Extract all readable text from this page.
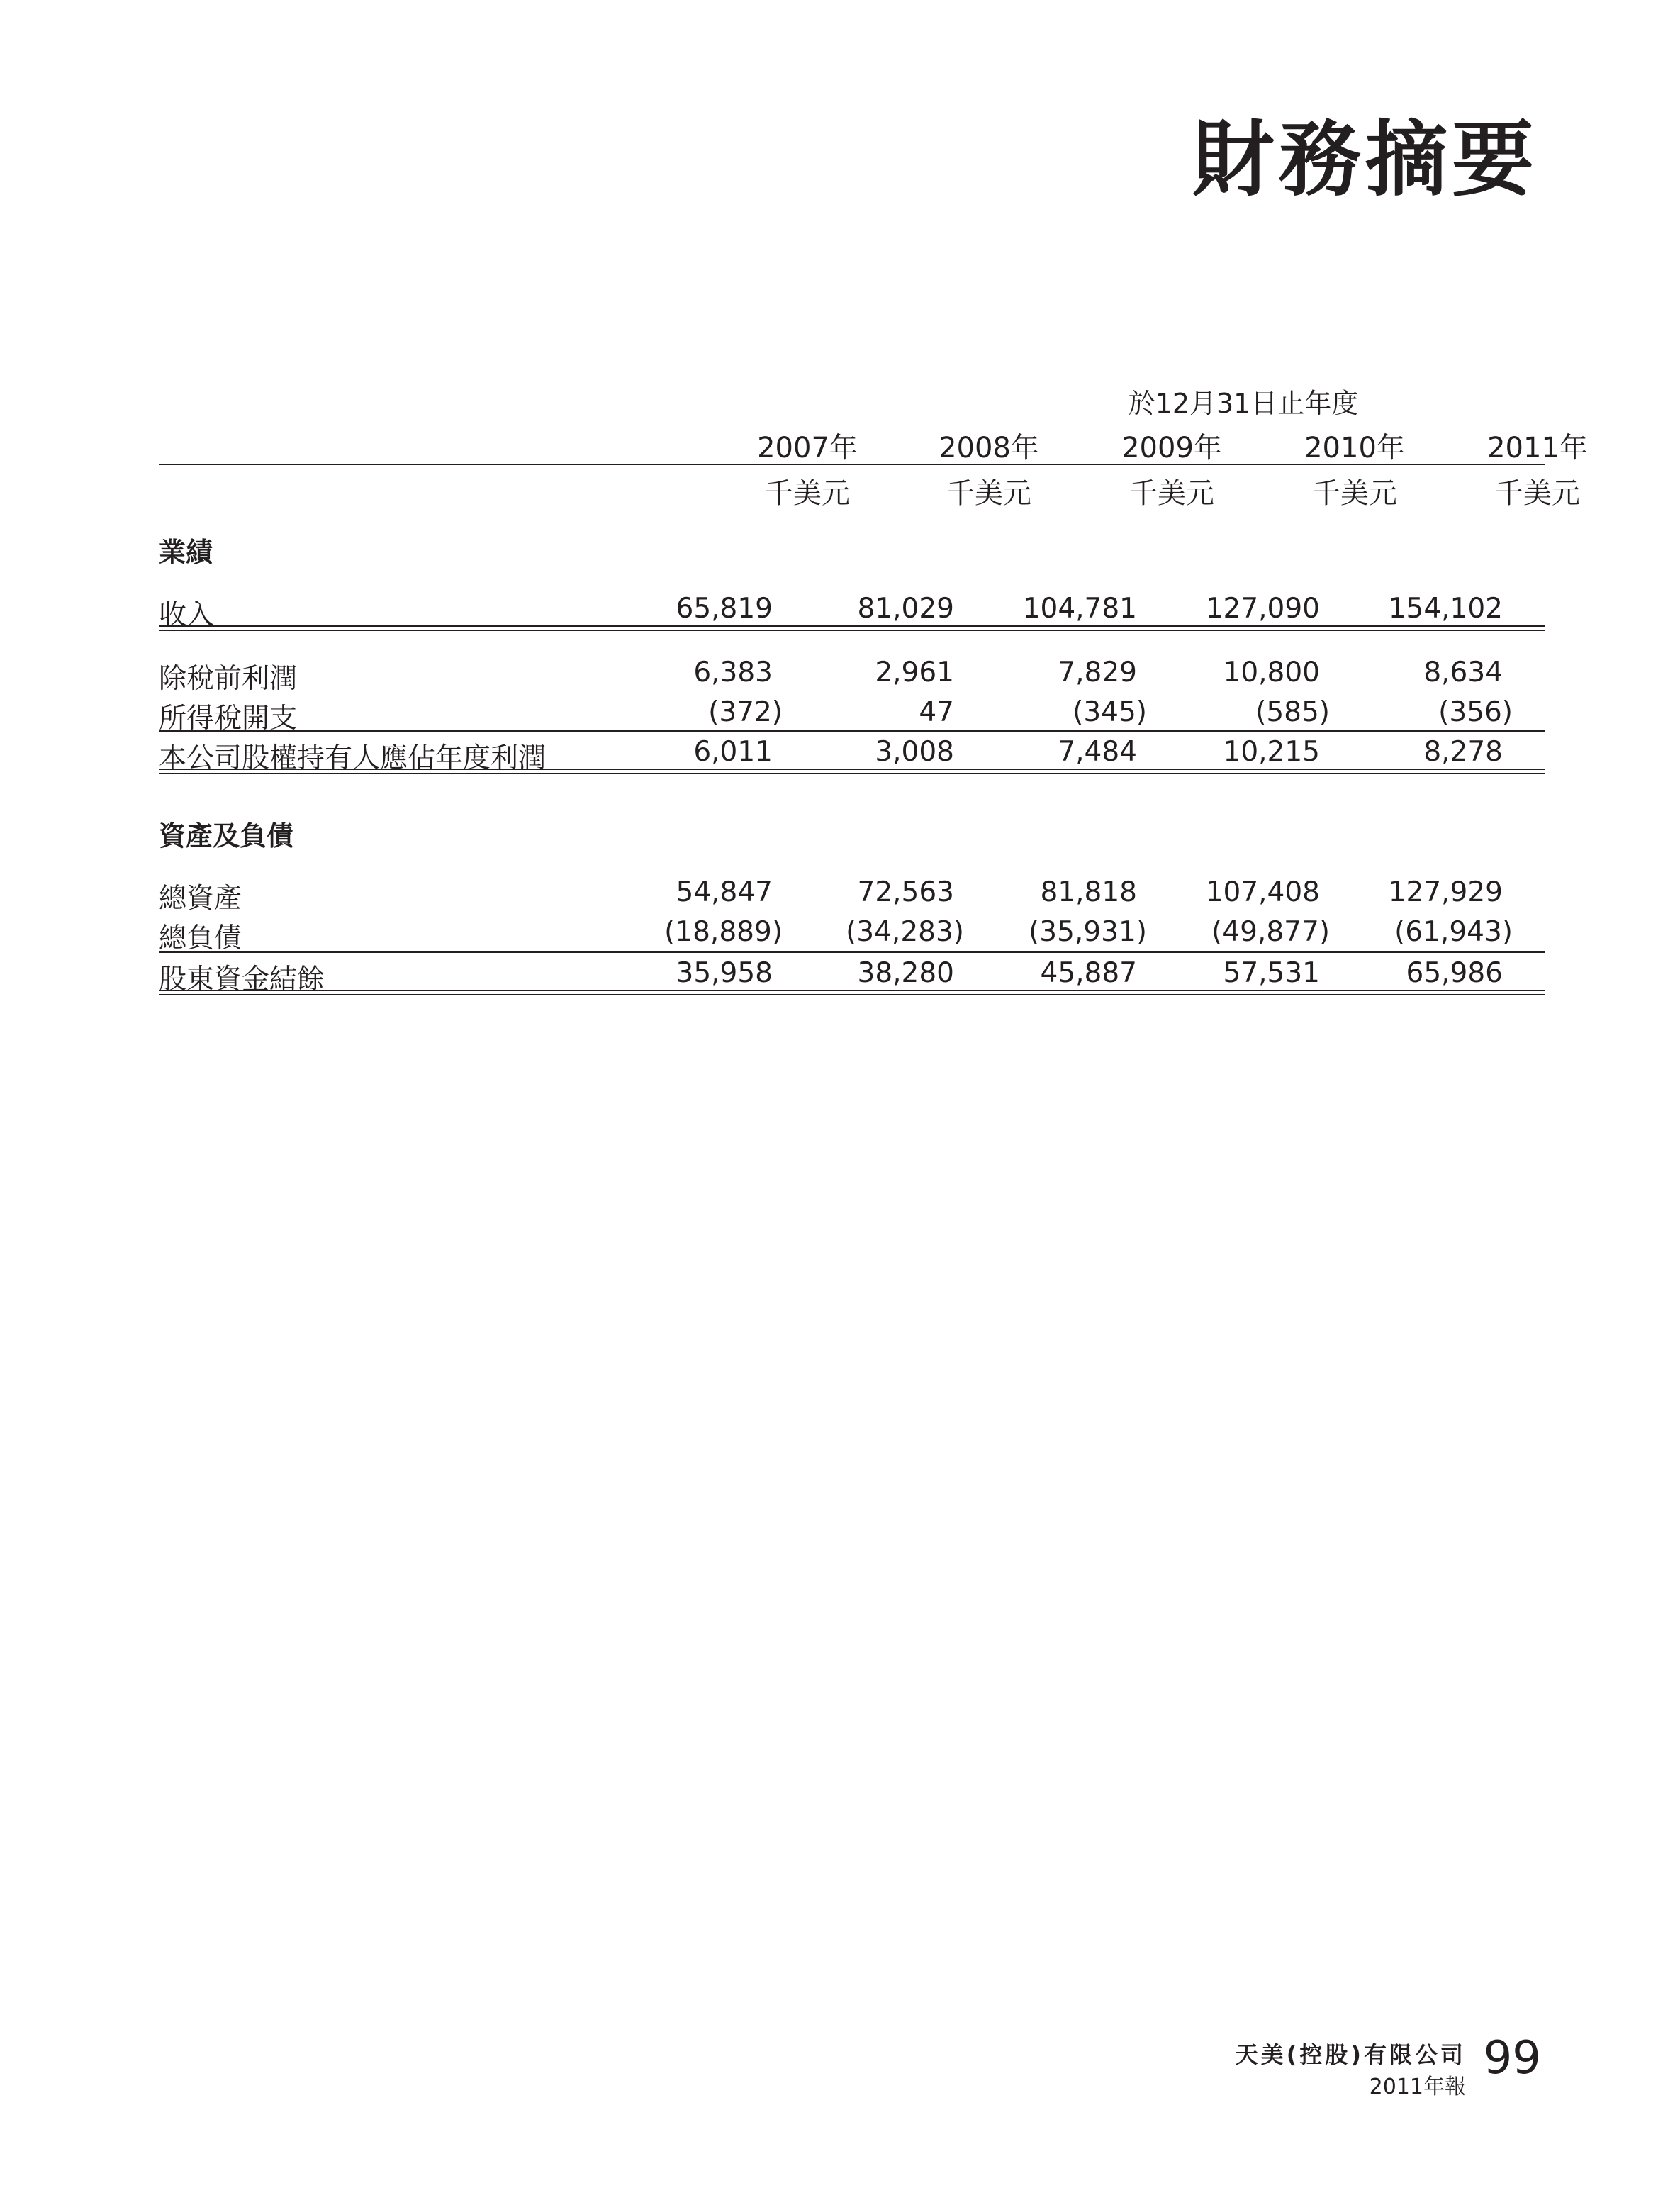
財務摘要
於12月31日止年度
2007年	2008年	2009年	2010年	2011年
千美元	千美元	千美元	千美元	千美元
業績
收入	65,819	81,029	104,781	127,090	154,102
除稅前利潤	6,383	2,961	7,829	10,800	8,634
所得稅開支	(372)	47	(345)	(585)	(356)
本公司股權持有人應佔年度利潤	6,011	3,008	7,484	10,215	8,278
資產及負債
總資產	54,847	72,563	81,818	107,408	127,929
總負債	(18,889)	(34,283)	(35,931)	(49,877)	(61,943)
股東資金結餘	35,958	38,280	45,887	57,531	65,986
天美(控股)有限公司
2011年報
99
